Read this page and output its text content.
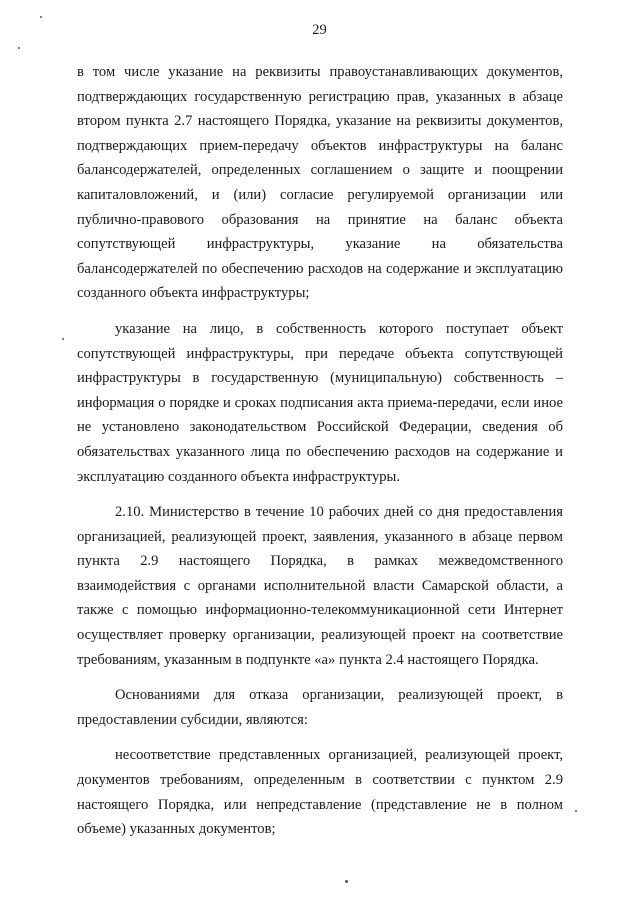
29

в том числе указание на реквизиты правоустанавливающих документов, подтверждающих государственную регистрацию прав, указанных в абзаце втором пункта 2.7 настоящего Порядка, указание на реквизиты документов, подтверждающих прием-передачу объектов инфраструктуры на баланс балансодержателей, определенных соглашением о защите и поощрении капиталовложений, и (или) согласие регулируемой организации или публично-правового образования на принятие на баланс объекта сопутствующей инфраструктуры, указание на обязательства балансодержателей по обеспечению расходов на содержание и эксплуатацию созданного объекта инфраструктуры;

указание на лицо, в собственность которого поступает объект сопутствующей инфраструктуры, при передаче объекта сопутствующей инфраструктуры в государственную (муниципальную) собственность – информация о порядке и сроках подписания акта приема-передачи, если иное не установлено законодательством Российской Федерации, сведения об обязательствах указанного лица по обеспечению расходов на содержание и эксплуатацию созданного объекта инфраструктуры.

2.10. Министерство в течение 10 рабочих дней со дня предоставления организацией, реализующей проект, заявления, указанного в абзаце первом пункта 2.9 настоящего Порядка, в рамках межведомственного взаимодействия с органами исполнительной власти Самарской области, а также с помощью информационно-телекоммуникационной сети Интернет осуществляет проверку организации, реализующей проект на соответствие требованиям, указанным в подпункте «а» пункта 2.4 настоящего Порядка.

Основаниями для отказа организации, реализующей проект, в предоставлении субсидии, являются:

несоответствие представленных организацией, реализующей проект, документов требованиям, определенным в соответствии с пунктом 2.9 настоящего Порядка, или непредставление (представление не в полном объеме) указанных документов;
